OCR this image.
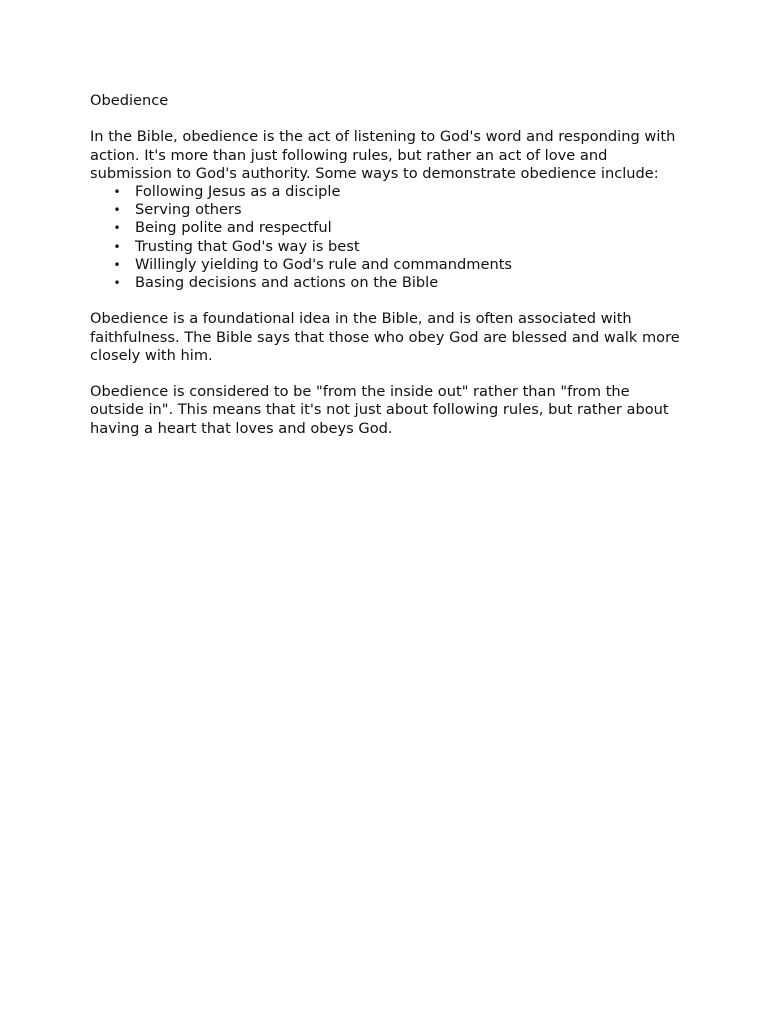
Obedience

In the Bible, obedience is the act of listening to God's word and responding with action. It's more than just following rules, but rather an act of love and submission to God's authority. Some ways to demonstrate obedience include:

• Following Jesus as a disciple
• Serving others
• Being polite and respectful
• Trusting that God's way is best
• Willingly yielding to God's rule and commandments
• Basing decisions and actions on the Bible

Obedience is a foundational idea in the Bible, and is often associated with faithfulness. The Bible says that those who obey God are blessed and walk more closely with him.

Obedience is considered to be "from the inside out" rather than "from the outside in". This means that it's not just about following rules, but rather about having a heart that loves and obeys God.
